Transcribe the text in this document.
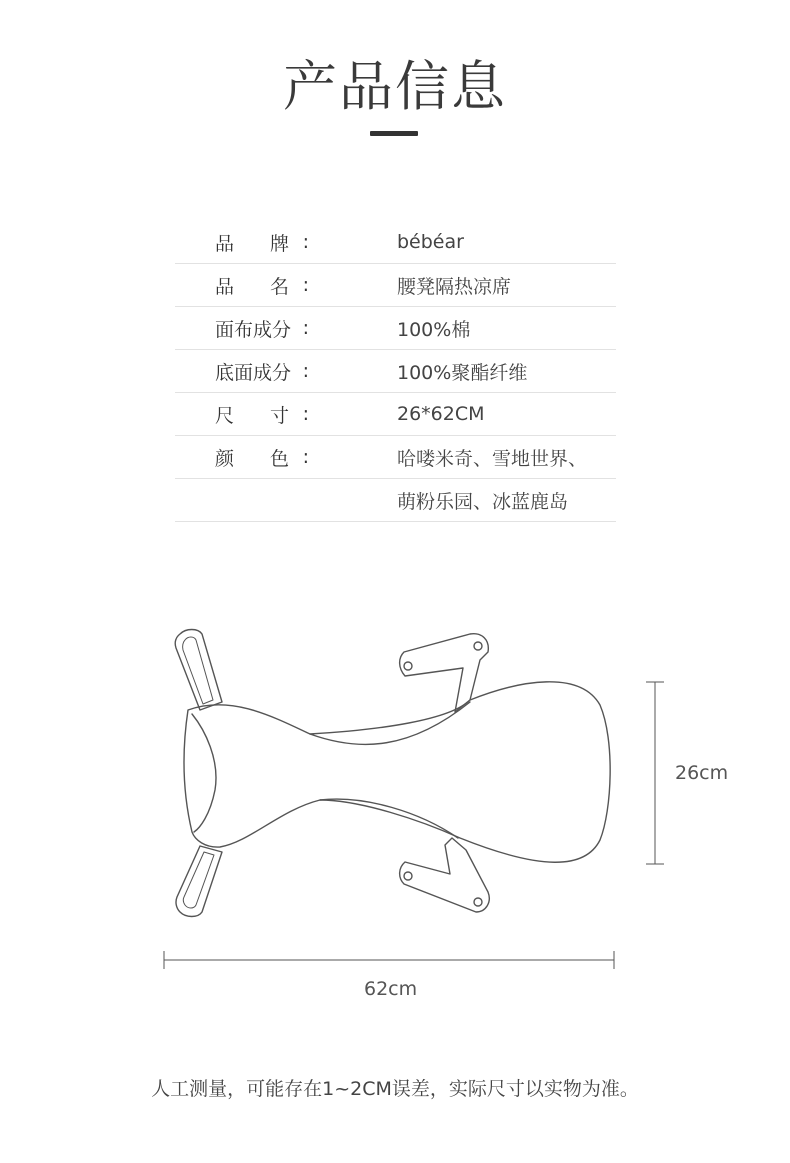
产品信息
品 牌 :	bébéar
品 名 :	腰凳隔热凉席
面布成分 :	100%棉
底面成分 :	100%聚酯纤维
尺 寸 :	26*62CM
颜 色 :	哈喽米奇、雪地世界、
萌粉乐园、冰蓝鹿岛
26cm
62cm
人工测量，可能存在1~2CM误差，实际尺寸以实物为准。
